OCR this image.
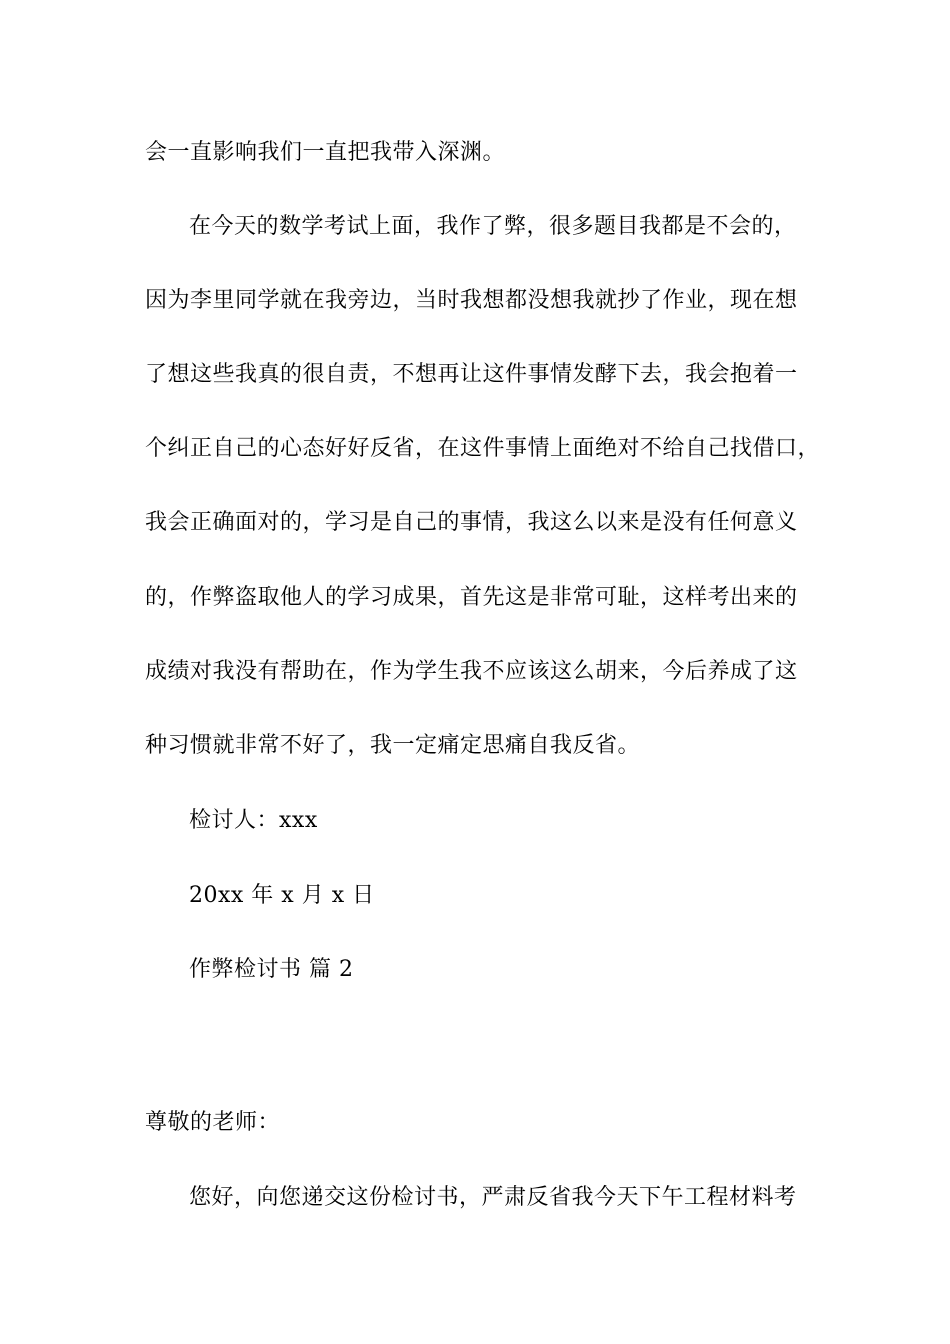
会一直影响我们一直把我带入深渊。

在今天的数学考试上面，我作了弊，很多题目我都是不会的，

因为李里同学就在我旁边，当时我想都没想我就抄了作业，现在想

了想这些我真的很自责，不想再让这件事情发酵下去，我会抱着一

个纠正自己的心态好好反省，在这件事情上面绝对不给自己找借口，

我会正确面对的，学习是自己的事情，我这么以来是没有任何意义

的，作弊盗取他人的学习成果，首先这是非常可耻，这样考出来的

成绩对我没有帮助在，作为学生我不应该这么胡来，今后养成了这

种习惯就非常不好了，我一定痛定思痛自我反省。

检讨人：xxx

20xx 年 x 月 x 日

作弊检讨书 篇 2

尊敬的老师：

您好，向您递交这份检讨书，严肃反省我今天下午工程材料考
